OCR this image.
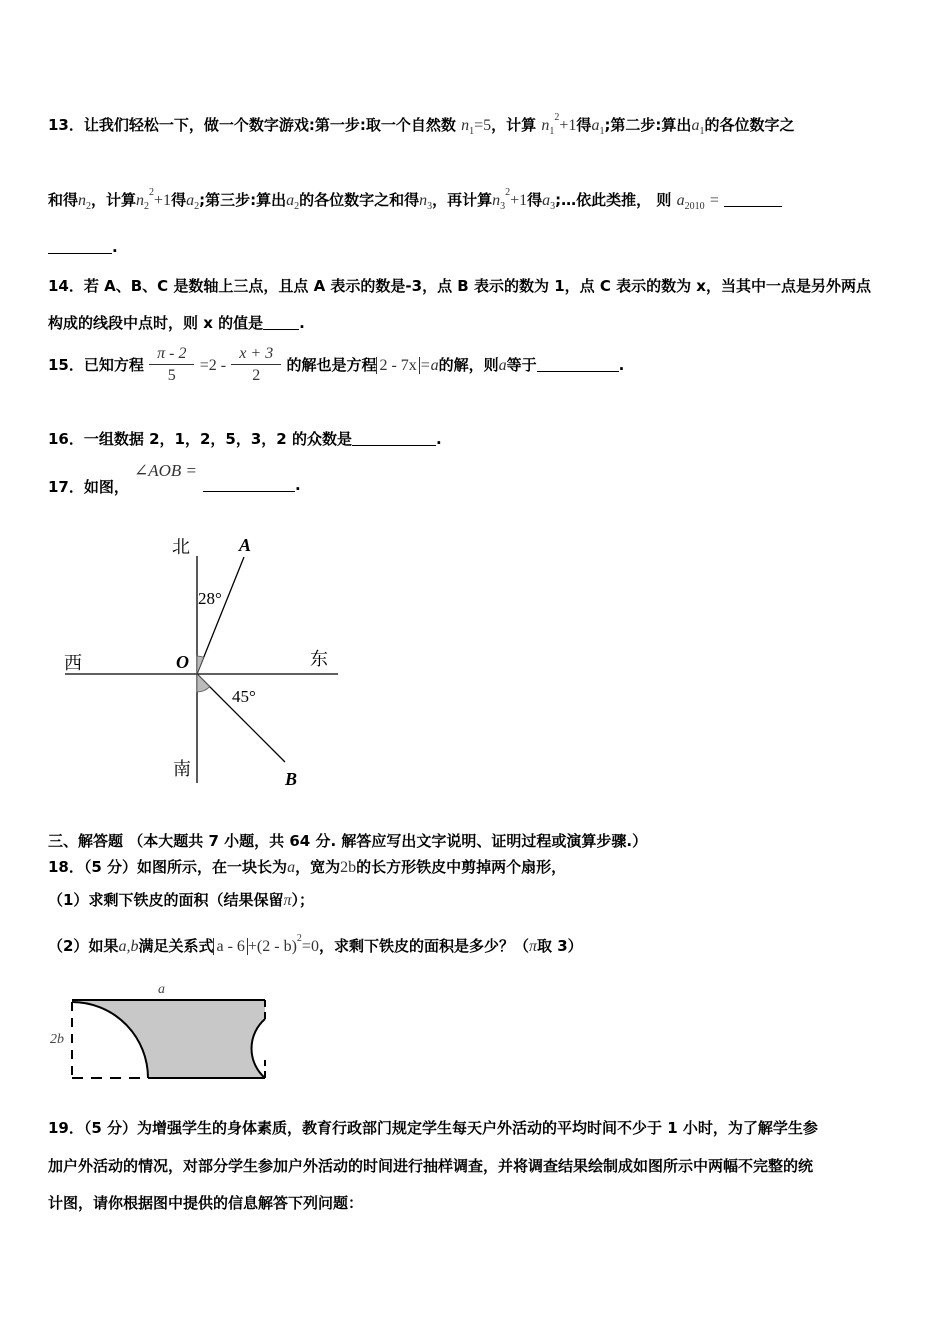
13．让我们轻松一下，做一个数字游戏:第一步:取一个自然数 $n_1=5$，计算 $n_1^2+1$得$a_1$;第二步:算出$a_1$的各位数字之
和得$n_2$，计算$n_2^2+1$得$a_2$;第三步:算出$a_2$的各位数字之和得$n_3$，再计算$n_3^2+1$得$a_3;\dots$依此类推， 则 $a_{2010}$ =
.
14．若 A、B、C 是数轴上三点，且点 A 表示的数是-3，点 B 表示的数为 1，点 C 表示的数为 x，当其中一点是另外两点
构成的线段中点时，则 x 的值是 .
15．已知方程 $\frac{\pi - 2}{5} =2 - \frac{x + 3}{2}$ 的解也是方程 2 - 7x =a的解，则a等于	.
16．一组数据 2，1，2，5，3，2 的众数是	.
17．如图，
∠AOB =
.
北
南
西	东
O
A
B
28°
45°
三、解答题 （本大题共 7 小题，共 64 分. 解答应写出文字说明、证明过程或演算步骤.）
18．（5 分）如图所示，在一块长为a，宽为2b的长方形铁皮中剪掉两个扇形，
（1）求剩下铁皮的面积（结果保留π）；
（2）如果a,b满足关系式 a - 6 +(2 - b)$^2$=0，求剩下铁皮的面积是多少？（π取 3）
a
2b
19．（5 分）为增强学生的身体素质，教育行政部门规定学生每天户外活动的平均时间不少于 1 小时，为了解学生参
加户外活动的情况，对部分学生参加户外活动的时间进行抽样调查，并将调查结果绘制成如图所示中两幅不完整的统
计图，请你根据图中提供的信息解答下列问题：
